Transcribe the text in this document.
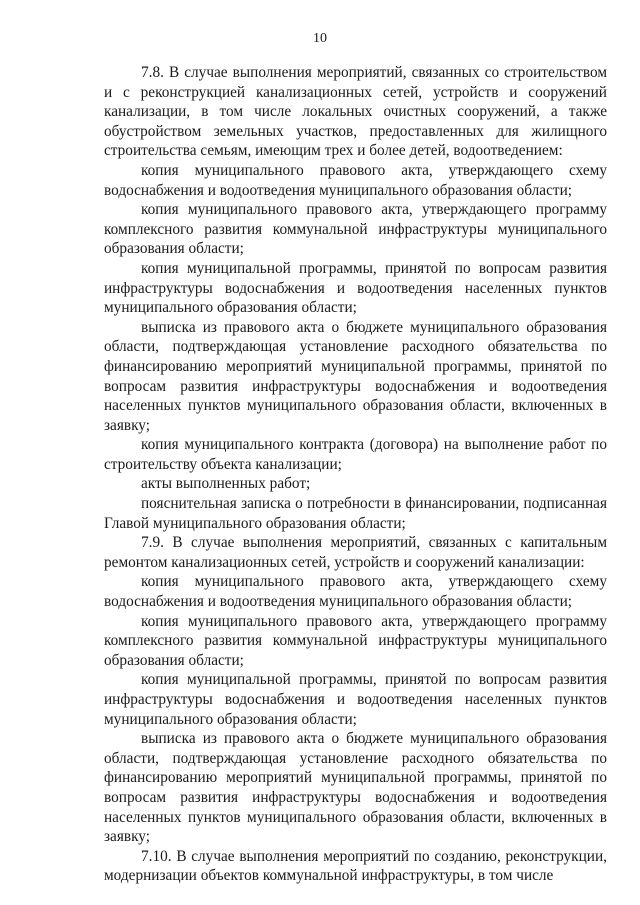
10

7.8. В случае выполнения мероприятий, связанных со строительством и с реконструкцией канализационных сетей, устройств и сооружений канализации, в том числе локальных очистных сооружений, а также обустройством земельных участков, предоставленных для жилищного строительства семьям, имеющим трех и более детей, водоотведением:

копия муниципального правового акта, утверждающего схему водоснабжения и водоотведения муниципального образования области;

копия муниципального правового акта, утверждающего программу комплексного развития коммунальной инфраструктуры муниципального образования области;

копия муниципальной программы, принятой по вопросам развития инфраструктуры водоснабжения и водоотведения населенных пунктов муниципального образования области;

выписка из правового акта о бюджете муниципального образования области, подтверждающая установление расходного обязательства по финансированию мероприятий муниципальной программы, принятой по вопросам развития инфраструктуры водоснабжения и водоотведения населенных пунктов муниципального образования области, включенных в заявку;

копия муниципального контракта (договора) на выполнение работ по строительству объекта канализации;

акты выполненных работ;

пояснительная записка о потребности в финансировании, подписанная Главой муниципального образования области;

7.9. В случае выполнения мероприятий, связанных с капитальным ремонтом канализационных сетей, устройств и сооружений канализации:

копия муниципального правового акта, утверждающего схему водоснабжения и водоотведения муниципального образования области;

копия муниципального правового акта, утверждающего программу комплексного развития коммунальной инфраструктуры муниципального образования области;

копия муниципальной программы, принятой по вопросам развития инфраструктуры водоснабжения и водоотведения населенных пунктов муниципального образования области;

выписка из правового акта о бюджете муниципального образования области, подтверждающая установление расходного обязательства по финансированию мероприятий муниципальной программы, принятой по вопросам развития инфраструктуры водоснабжения и водоотведения населенных пунктов муниципального образования области, включенных в заявку;

7.10. В случае выполнения мероприятий по созданию, реконструкции, модернизации объектов коммунальной инфраструктуры, в том числе
